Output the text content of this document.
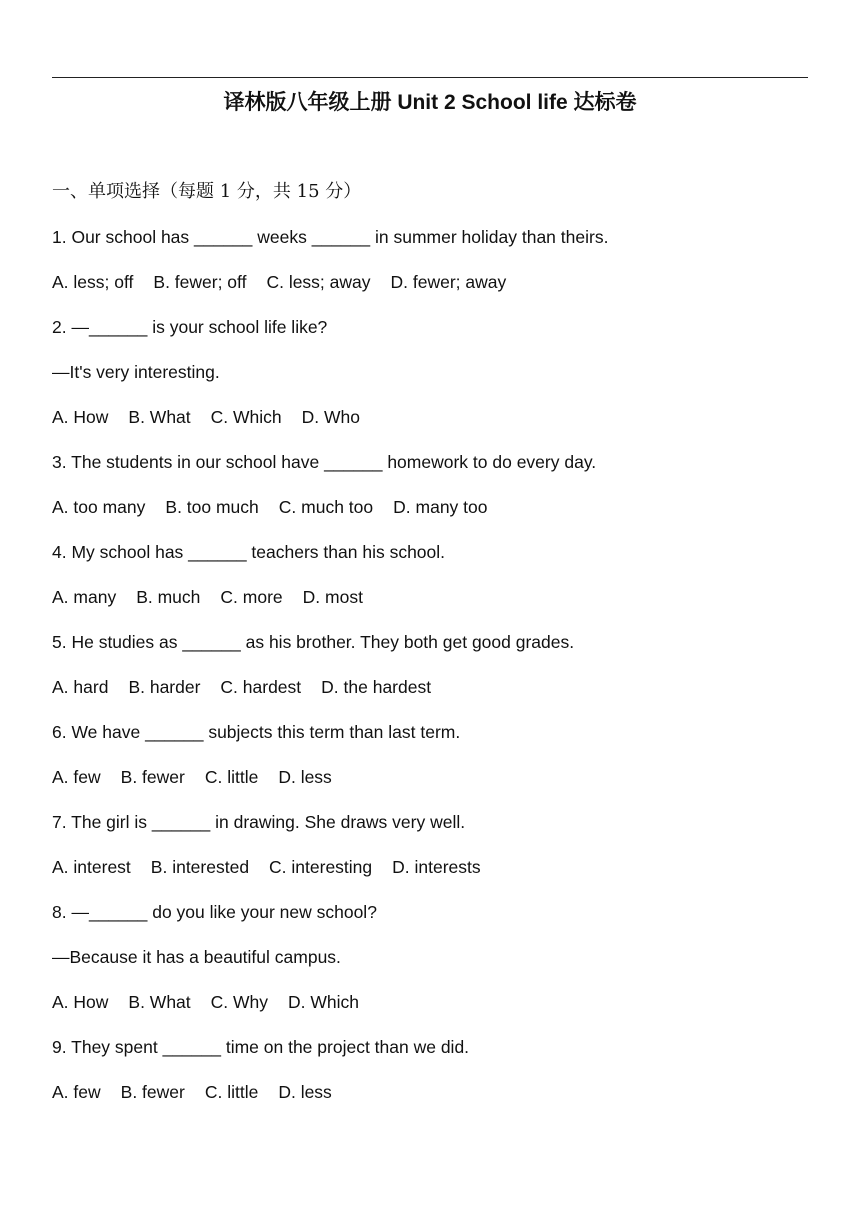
译林版八年级上册 Unit 2 School life 达标卷
一、单项选择（每题 1 分，共 15 分）
1. Our school has ______ weeks ______ in summer holiday than theirs.
A. less; off B. fewer; off C. less; away D. fewer; away
2. —______ is your school life like?
—It's very interesting.
A. How B. What C. Which D. Who
3. The students in our school have ______ homework to do every day.
A. too many B. too much C. much too D. many too
4. My school has ______ teachers than his school.
A. many B. much C. more D. most
5. He studies as ______ as his brother. They both get good grades.
A. hard B. harder C. hardest D. the hardest
6. We have ______ subjects this term than last term.
A. few B. fewer C. little D. less
7. The girl is ______ in drawing. She draws very well.
A. interest B. interested C. interesting D. interests
8. —______ do you like your new school?
—Because it has a beautiful campus.
A. How B. What C. Why D. Which
9. They spent ______ time on the project than we did.
A. few B. fewer C. little D. less
